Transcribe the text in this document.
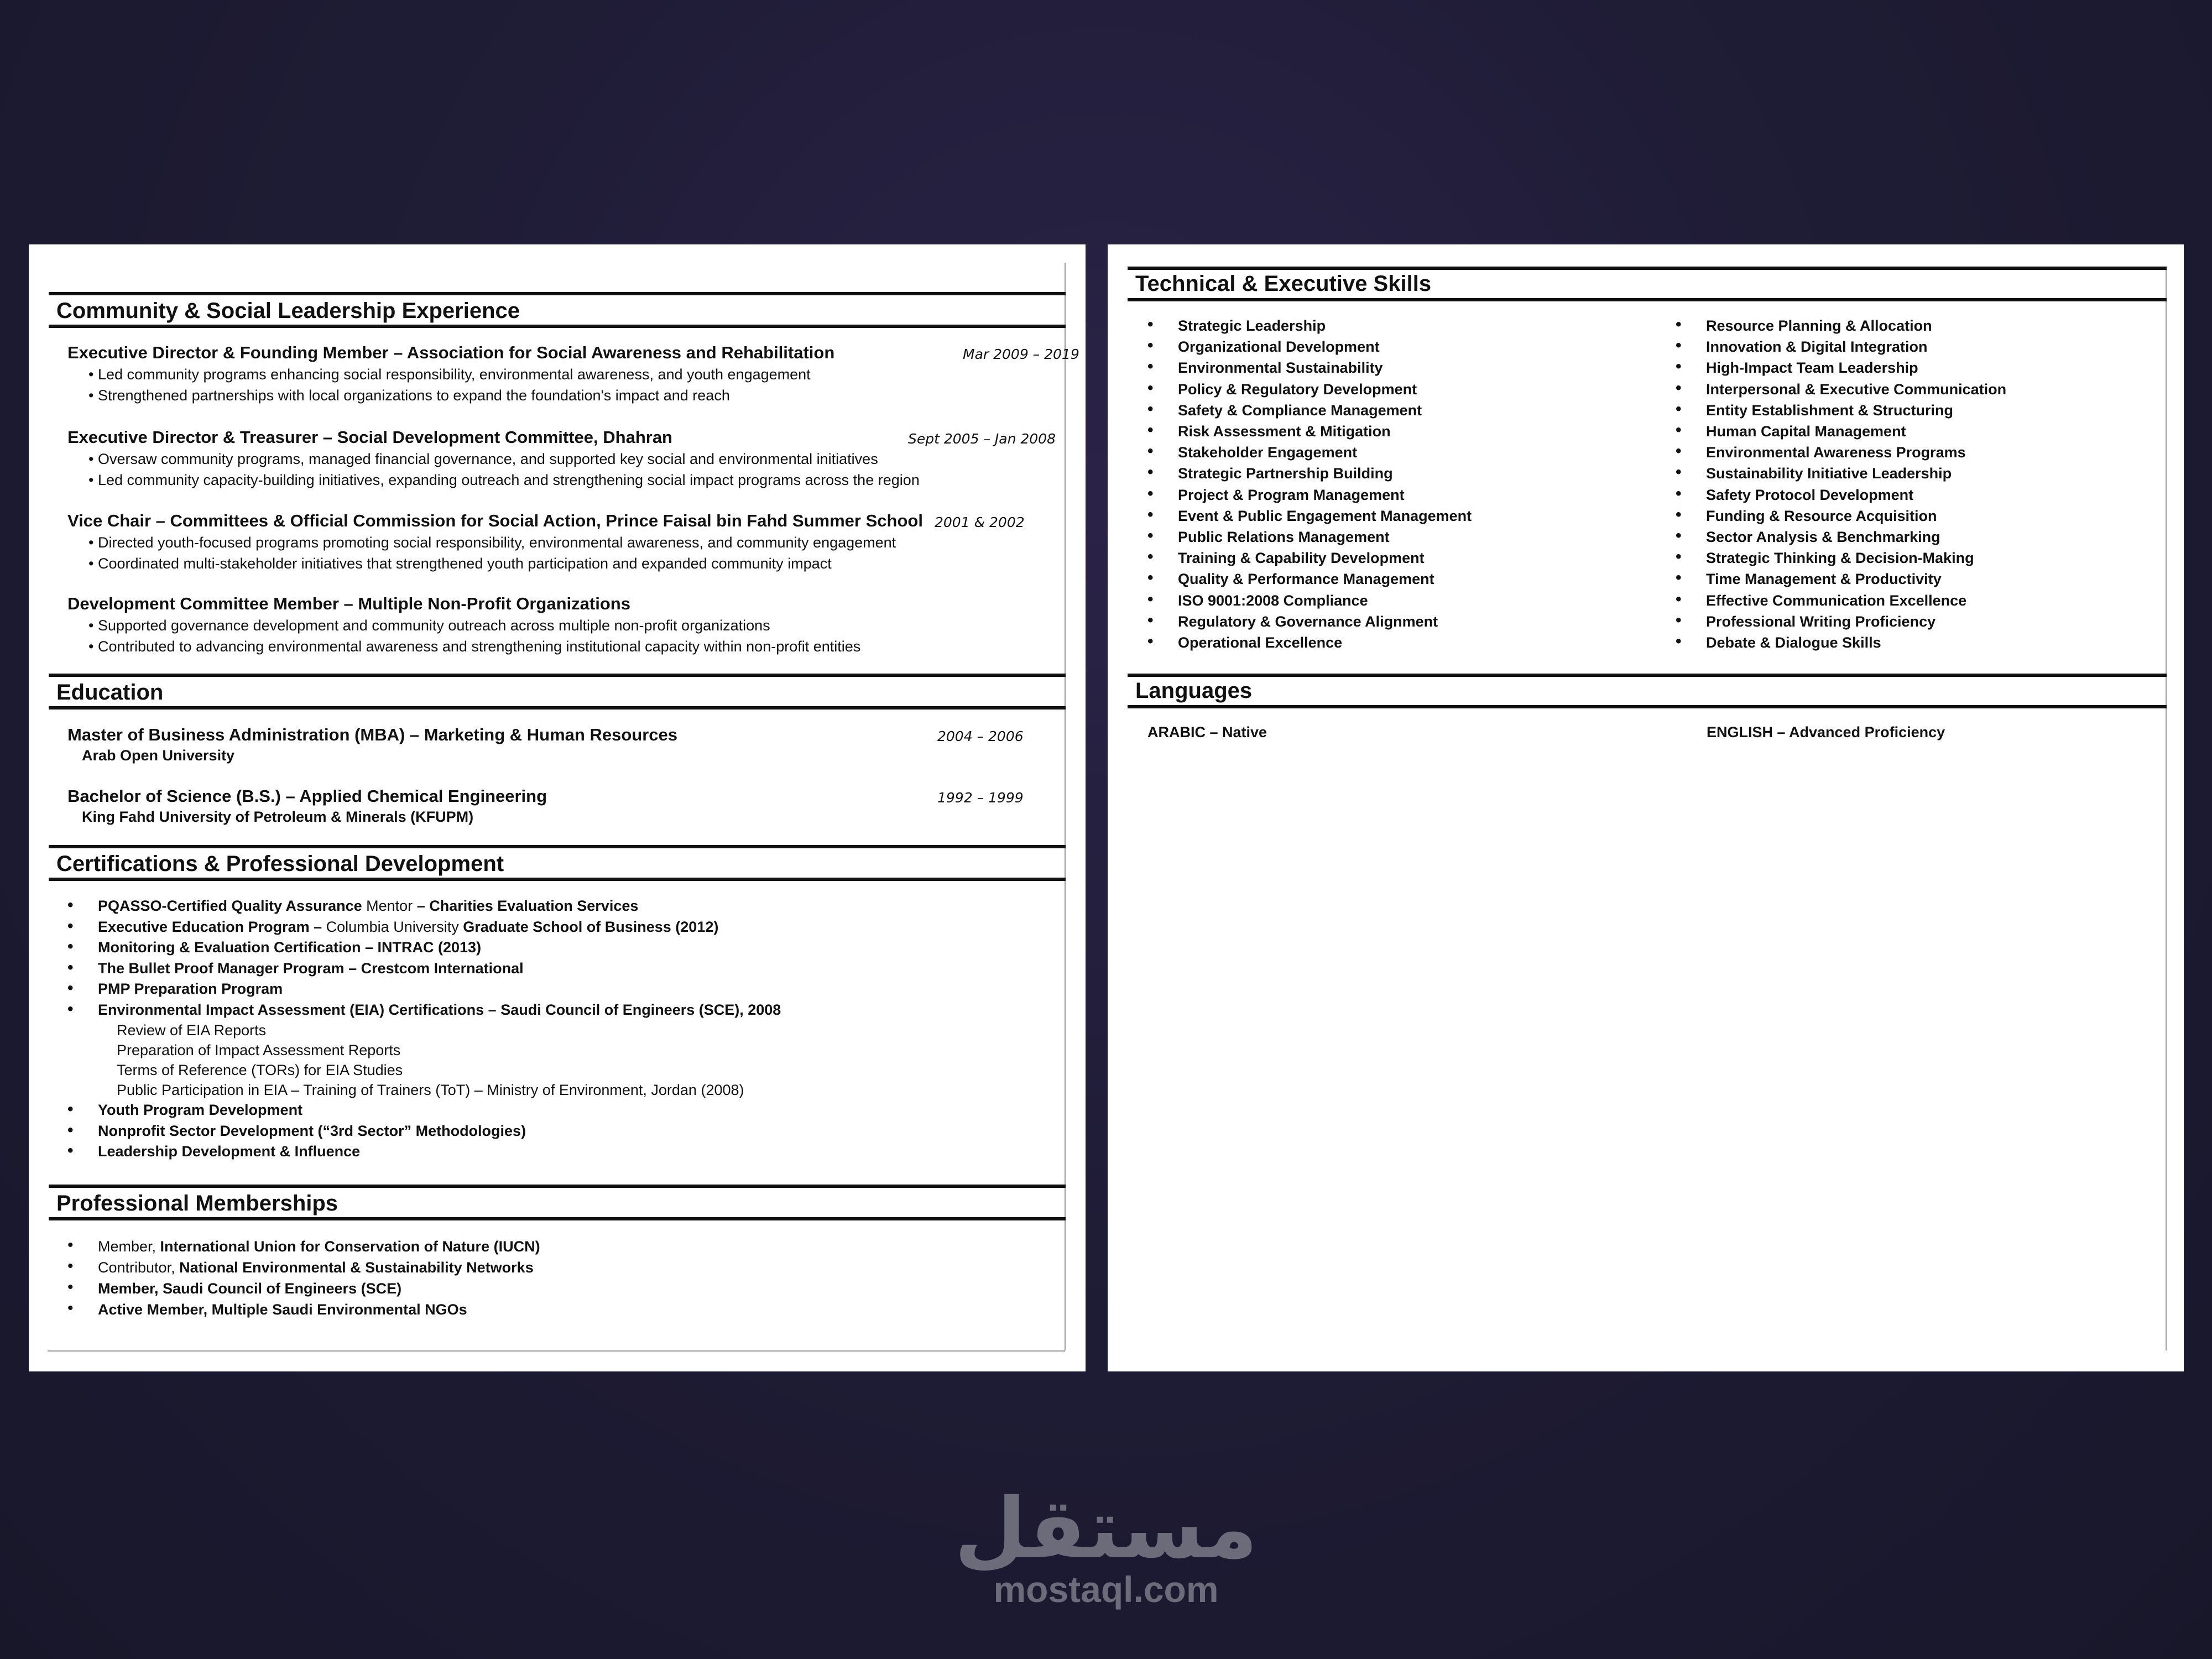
Community & Social Leadership Experience
Executive Director & Founding Member – Association for Social Awareness and Rehabilitation	Mar 2009 – 2019
• Led community programs enhancing social responsibility, environmental awareness, and youth engagement
• Strengthened partnerships with local organizations to expand the foundation's impact and reach
Executive Director & Treasurer – Social Development Committee, Dhahran	Sept 2005 – Jan 2008
• Oversaw community programs, managed financial governance, and supported key social and environmental initiatives
• Led community capacity-building initiatives, expanding outreach and strengthening social impact programs across the region
Vice Chair – Committees & Official Commission for Social Action, Prince Faisal bin Fahd Summer School 2001 & 2002
• Directed youth-focused programs promoting social responsibility, environmental awareness, and community engagement
• Coordinated multi-stakeholder initiatives that strengthened youth participation and expanded community impact
Development Committee Member – Multiple Non-Profit Organizations
• Supported governance development and community outreach across multiple non-profit organizations
• Contributed to advancing environmental awareness and strengthening institutional capacity within non-profit entities
Education
Master of Business Administration (MBA) – Marketing & Human Resources	2004 – 2006
Arab Open University
Bachelor of Science (B.S.) – Applied Chemical Engineering	1992 – 1999
King Fahd University of Petroleum & Minerals (KFUPM)
Certifications & Professional Development
• PQASSO-Certified Quality Assurance Mentor – Charities Evaluation Services
• Executive Education Program – Columbia University Graduate School of Business (2012)
• Monitoring & Evaluation Certification – INTRAC (2013)
• The Bullet Proof Manager Program – Crestcom International
• PMP Preparation Program
• Environmental Impact Assessment (EIA) Certifications – Saudi Council of Engineers (SCE), 2008
Review of EIA Reports
Preparation of Impact Assessment Reports
Terms of Reference (TORs) for EIA Studies
Public Participation in EIA – Training of Trainers (ToT) – Ministry of Environment, Jordan (2008)
• Youth Program Development
• Nonprofit Sector Development (“3rd Sector” Methodologies)
• Leadership Development & Influence
Professional Memberships
• Member, International Union for Conservation of Nature (IUCN)
• Contributor, National Environmental & Sustainability Networks
• Member, Saudi Council of Engineers (SCE)
• Active Member, Multiple Saudi Environmental NGOs
Technical & Executive Skills
• Strategic Leadership
• Organizational Development
• Environmental Sustainability
• Policy & Regulatory Development
• Safety & Compliance Management
• Risk Assessment & Mitigation
• Stakeholder Engagement
• Strategic Partnership Building
• Project & Program Management
• Event & Public Engagement Management
• Public Relations Management
• Training & Capability Development
• Quality & Performance Management
• ISO 9001:2008 Compliance
• Regulatory & Governance Alignment
• Operational Excellence
• Resource Planning & Allocation
• Innovation & Digital Integration
• High-Impact Team Leadership
• Interpersonal & Executive Communication
• Entity Establishment & Structuring
• Human Capital Management
• Environmental Awareness Programs
• Sustainability Initiative Leadership
• Safety Protocol Development
• Funding & Resource Acquisition
• Sector Analysis & Benchmarking
• Strategic Thinking & Decision-Making
• Time Management & Productivity
• Effective Communication Excellence
• Professional Writing Proficiency
• Debate & Dialogue Skills
Languages
ARABIC – Native	ENGLISH – Advanced Proficiency
مستقل
mostaql.com
